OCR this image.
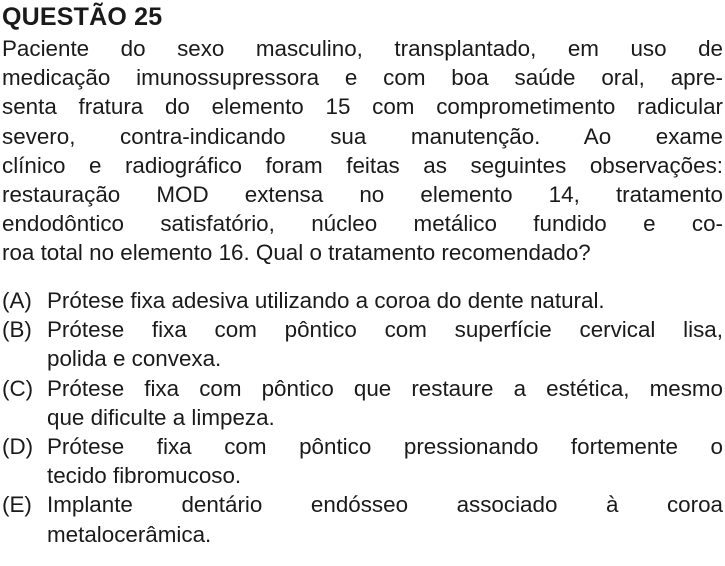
QUESTÃO 25
Paciente do sexo masculino, transplantado, em uso de
medicação imunossupressora e com boa saúde oral, apre-
senta fratura do elemento 15 com comprometimento radicular
severo, contra-indicando sua manutenção. Ao exame
clínico e radiográfico foram feitas as seguintes observações:
restauração MOD extensa no elemento 14, tratamento
endodôntico satisfatório, núcleo metálico fundido e co-
roa total no elemento 16. Qual o tratamento recomendado?
(A) Prótese fixa adesiva utilizando a coroa do dente natural.
(B) Prótese fixa com pôntico com superfície cervical lisa,
polida e convexa.
(C) Prótese fixa com pôntico que restaure a estética, mesmo
que dificulte a limpeza.
(D) Prótese fixa com pôntico pressionando fortemente o
tecido fibromucoso.
(E) Implante dentário endósseo associado à coroa
metalocerâmica.
